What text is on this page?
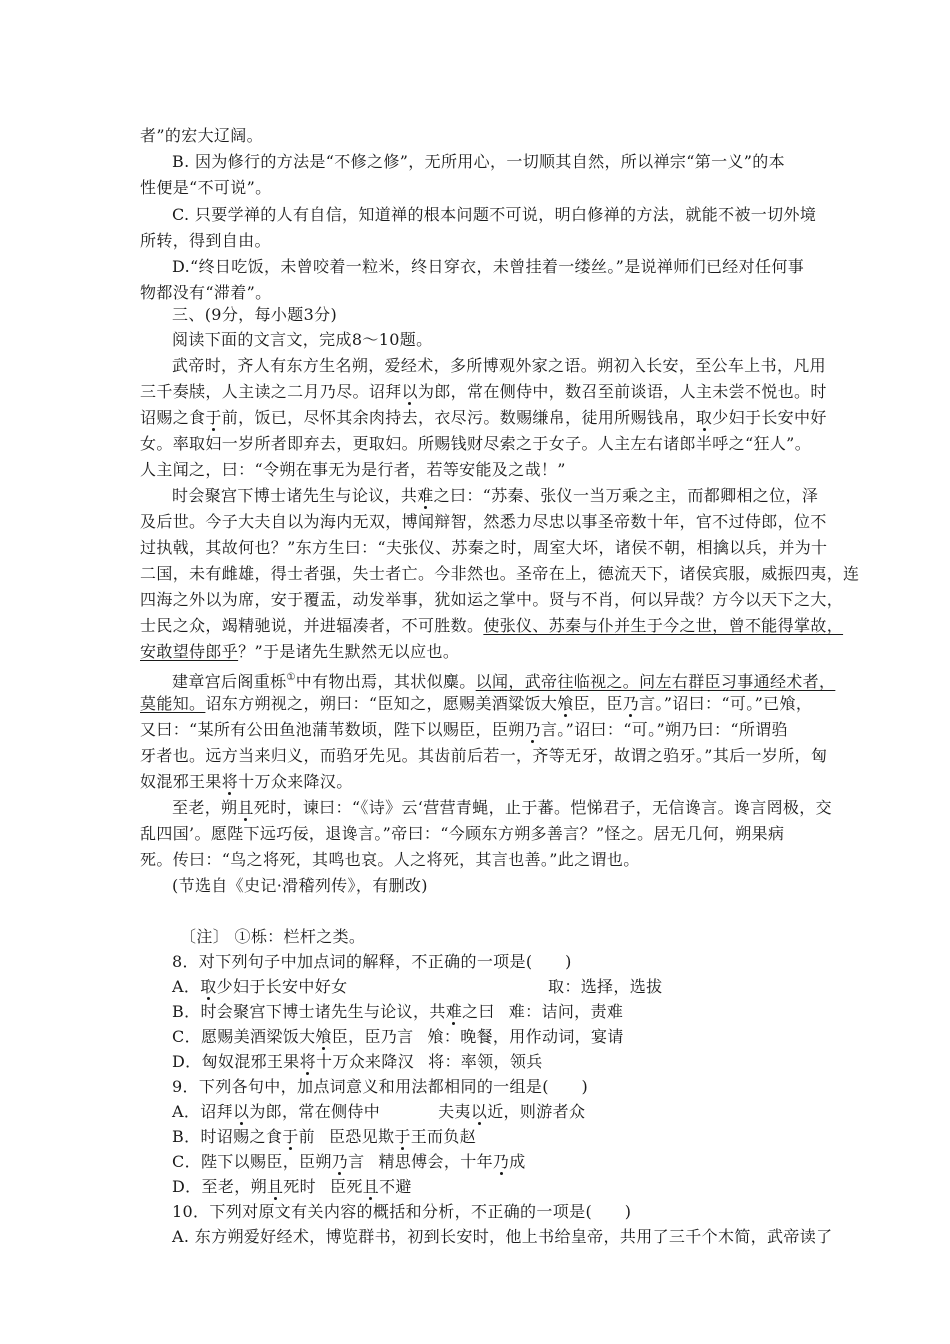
者”的宏大辽阔。
B. 因为修行的方法是“不修之修”，无所用心，一切顺其自然，所以禅宗“第一义”的本
性便是“不可说”。
C. 只要学禅的人有自信，知道禅的根本问题不可说，明白修禅的方法，就能不被一切外境
所转，得到自由。
D.“终日吃饭，未曾咬着一粒米，终日穿衣，未曾挂着一缕丝。”是说禅师们已经对任何事
物都没有“滞着”。
三、(9分，每小题3分)
阅读下面的文言文，完成8～10题。
武帝时，齐人有东方生名朔，爱经术，多所博观外家之语。朔初入长安，至公车上书，凡用
三千奏牍，人主读之二月乃尽。诏拜以为郎，常在侧侍中，数召至前谈语，人主未尝不悦也。时
诏赐之食于前，饭已，尽怀其余肉持去，衣尽污。数赐缣帛，徒用所赐钱帛，取少妇于长安中好
女。率取妇一岁所者即弃去，更取妇。所赐钱财尽索之于女子。人主左右诸郎半呼之“狂人”。
人主闻之，曰：“令朔在事无为是行者，若等安能及之哉！”
时会聚宫下博士诸先生与论议，共难之曰：“苏秦、张仪一当万乘之主，而都卿相之位，泽
及后世。今子大夫自以为海内无双，博闻辩智，然悉力尽忠以事圣帝数十年，官不过侍郎，位不
过执戟，其故何也？”东方生曰：“夫张仪、苏秦之时，周室大坏，诸侯不朝，相擒以兵，并为十
二国，未有雌雄，得士者强，失士者亡。今非然也。圣帝在上，德流天下，诸侯宾服，威振四夷，连
四海之外以为席，安于覆盂，动发举事，犹如运之掌中。贤与不肖，何以异哉？方今以天下之大，
士民之众，竭精驰说，并进辐凑者，不可胜数。使张仪、苏秦与仆并生于今之世，曾不能得掌故，
安敢望侍郎乎？”于是诸先生默然无以应也。
建章宫后阁重栎①中有物出焉，其状似麋。以闻，武帝往临视之。问左右群臣习事通经术者，
莫能知。诏东方朔视之，朔曰：“臣知之，愿赐美酒粱饭大飧臣，臣乃言。”诏曰：“可。”已飧，
又曰：“某所有公田鱼池蒲苇数顷，陛下以赐臣，臣朔乃言。”诏曰：“可。”朔乃曰：“所谓驺
牙者也。远方当来归义，而驺牙先见。其齿前后若一，齐等无牙，故谓之驺牙。”其后一岁所，匈
奴混邪王果将十万众来降汉。
至老，朔且死时，谏曰：“《诗》云‘营营青蝇，止于蕃。恺悌君子，无信谗言。谗言罔极，交
乱四国’。愿陛下远巧佞，退谗言。”帝曰：“今顾东方朔多善言？”怪之。居无几何，朔果病
死。传曰：“鸟之将死，其鸣也哀。人之将死，其言也善。”此之谓也。
(节选自《史记·滑稽列传》，有删改)
〔注〕 ①栎：栏杆之类。
8．对下列句子中加点词的解释，不正确的一项是(　　)
A．取少妇于长安中好女	取：选择，选拔
B．时会聚宫下博士诸先生与论议，共难之曰 难：诘问，责难
C．愿赐美酒梁饭大飧臣，臣乃言 飧：晚餐，用作动词，宴请
D．匈奴混邪王果将十万众来降汉 将：率领，领兵
9．下列各句中，加点词意义和用法都相同的一组是(　　)
A．诏拜以为郎，常在侧侍中	夫夷以近，则游者众
B．时诏赐之食于前 臣恐见欺于王而负赵
C．陛下以赐臣，臣朔乃言 精思傅会，十年乃成
D．至老，朔且死时 臣死且不避
10．下列对原文有关内容的概括和分析，不正确的一项是(　　)
A. 东方朔爱好经术，博览群书，初到长安时，他上书给皇帝，共用了三千个木简，武帝读了
